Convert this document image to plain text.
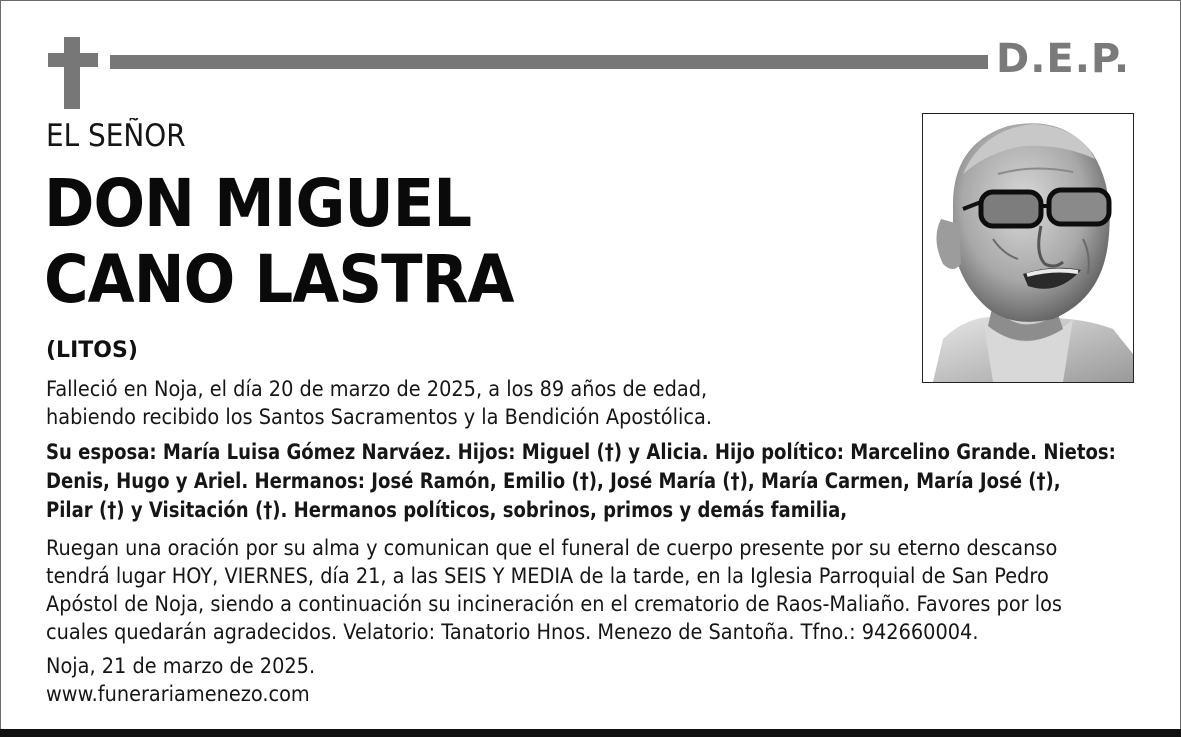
D.E.P.
EL SEÑOR
DON MIGUEL
CANO LASTRA
(LITOS)
Falleció en Noja, el día 20 de marzo de 2025, a los 89 años de edad,
habiendo recibido los Santos Sacramentos y la Bendición Apostólica.
Su esposa: María Luisa Gómez Narváez. Hijos: Miguel (†) y Alicia. Hijo político: Marcelino Grande. Nietos:
Denis, Hugo y Ariel. Hermanos: José Ramón, Emilio (†), José María (†), María Carmen, María José (†),
Pilar (†) y Visitación (†). Hermanos políticos, sobrinos, primos y demás familia,
Ruegan una oración por su alma y comunican que el funeral de cuerpo presente por su eterno descanso
tendrá lugar HOY, VIERNES, día 21, a las SEIS Y MEDIA de la tarde, en la Iglesia Parroquial de San Pedro
Apóstol de Noja, siendo a continuación su incineración en el crematorio de Raos-Maliaño. Favores por los
cuales quedarán agradecidos. Velatorio: Tanatorio Hnos. Menezo de Santoña. Tfno.: 942660004.
Noja, 21 de marzo de 2025.
www.funerariamenezo.com
